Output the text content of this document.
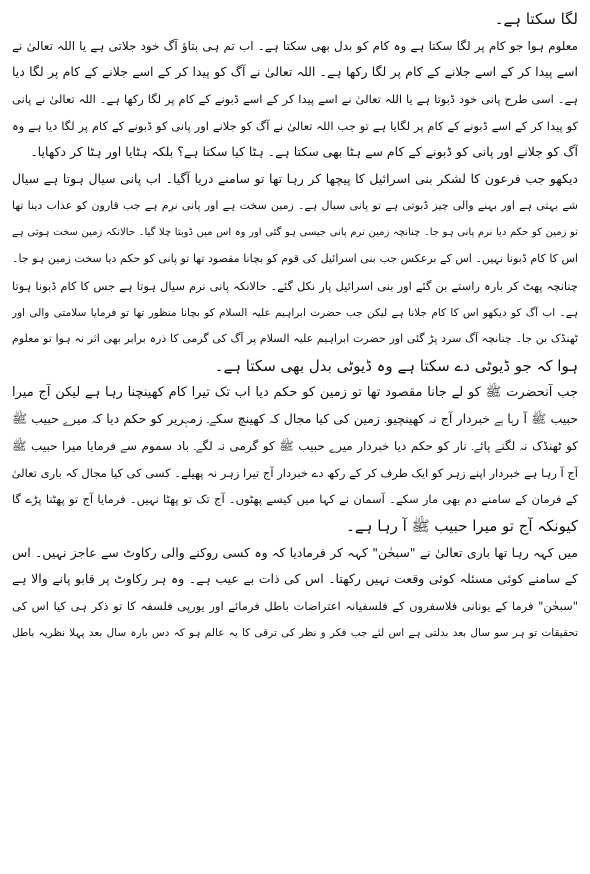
لگا سکتا ہے۔
معلوم ہوا جو کام پر لگا سکتا ہے وہ کام کو بدل بھی سکتا ہے۔ اب تم ہی بتاؤ آگ خود جلاتی ہے یا اللہ تعالیٰ نے
اسے پیدا کر کے اسے جلانے کے کام پر لگا رکھا ہے۔ اللہ تعالیٰ نے آگ کو پیدا کر کے اسے جلانے کے کام پر لگا دیا
ہے۔ اسی طرح پانی خود ڈبوتا ہے یا اللہ تعالیٰ نے اسے پیدا کر کے اسے ڈبونے کے کام پر لگا رکھا ہے۔ اللہ تعالیٰ نے پانی
کو پیدا کر کے اسے ڈبونے کے کام پر لگایا ہے تو جب اللہ تعالیٰ نے آگ کو جلانے اور پانی کو ڈبونے کے کام پر لگا دیا ہے وہ
آگ کو جلانے اور پانی کو ڈبونے کے کام سے ہٹا بھی سکتا ہے۔ ہٹا کیا سکتا ہے؟ بلکہ ہٹایا اور ہٹا کر دکھایا۔
دیکھو جب فرعون کا لشکر بنی اسرائیل کا پیچھا کر رہا تھا تو سامنے دریا آگیا۔ اب پانی سیال ہوتا ہے سیال
شے بہتی ہے اور بہنے والی چیز ڈبوتی ہے تو پانی سیال ہے۔ زمین سخت ہے اور پانی نرم ہے جب قارون کو عذاب دینا تھا
تو زمین کو حکم دیا نرم پانی ہو جا۔ چنانچہ زمین نرم پانی جیسی ہو گئی اور وہ اس میں ڈوبتا چلا گیا۔ حالانکہ زمین سخت ہوتی ہے
اس کا کام ڈبونا نہیں۔ اس کے برعکس جب بنی اسرائیل کی قوم کو بچانا مقصود تھا تو پانی کو حکم دیا سخت زمین ہو جا۔
چنانچہ پھٹ کر بارہ راستے بن گئے اور بنی اسرائیل پار نکل گئے۔ حالانکہ پانی نرم سیال ہوتا ہے جس کا کام ڈبونا ہوتا
ہے۔ اب آگ کو دیکھو اس کا کام جلانا ہے لیکن جب حضرت ابراہیم علیہ السلام کو بچانا منظور تھا تو فرمایا سلامتی والی اور
ٹھنڈک بن جا۔ چنانچہ آگ سرد پڑ گئی اور حضرت ابراہیم علیہ السلام پر آگ کی گرمی کا ذرہ برابر بھی اثر نہ ہوا تو معلوم
ہوا کہ جو ڈیوٹی دے سکتا ہے وہ ڈیوٹی بدل بھی سکتا ہے۔
جب آنحضرت ﷺ کو لے جانا مقصود تھا تو زمین کو حکم دیا اب تک تیرا کام کھینچنا رہا ہے لیکن آج میرا
حبیب ﷺ آ رہا ہے خبردار آج نہ کھینچیو۔ زمین کی کیا مجال کہ کھینچ سکے۔ زمہریر کو حکم دیا کہ میرے حبیب ﷺ
کو ٹھنڈک نہ لگنے پائے۔ نار کو حکم دیا خبردار میرے حبیب ﷺ کو گرمی نہ لگے۔ باد سموم سے فرمایا میرا حبیب ﷺ
آج آ رہا ہے خبردار اپنے زہر کو ایک طرف کر کے رکھ دے خبردار آج تیرا زہر نہ پھیلے۔ کسی کی کیا مجال کہ باری تعالیٰ
کے فرمان کے سامنے دم بھی مار سکے۔ آسمان نے کہا میں کیسے پھٹوں۔ آج تک تو پھٹا نہیں۔ فرمایا آج تو پھٹنا پڑے گا
کیونکہ آج تو میرا حبیب ﷺ آ رہا ہے۔
میں کہہ رہا تھا باری تعالیٰ نے "سبحٰن" کہہ کر فرمادیا کہ وہ کسی روکنے والی رکاوٹ سے عاجز نہیں۔ اس
کے سامنے کوئی مسئلہ کوئی وقعت نہیں رکھتا۔ اس کی ذات بے عیب ہے۔ وہ ہر رکاوٹ پر قابو پانے والا ہے
"سبحٰن" فرما کے یونانی فلاسفروں کے فلسفیانہ اعتراضات باطل فرمائے اور یورپی فلسفہ کا تو ذکر ہی کیا اس کی
تحقیقات تو ہر سو سال بعد بدلتی ہے اس لئے جب فکر و نظر کی ترقی کا یہ عالم ہو کہ دس بارہ سال بعد پہلا نظریہ باطل
